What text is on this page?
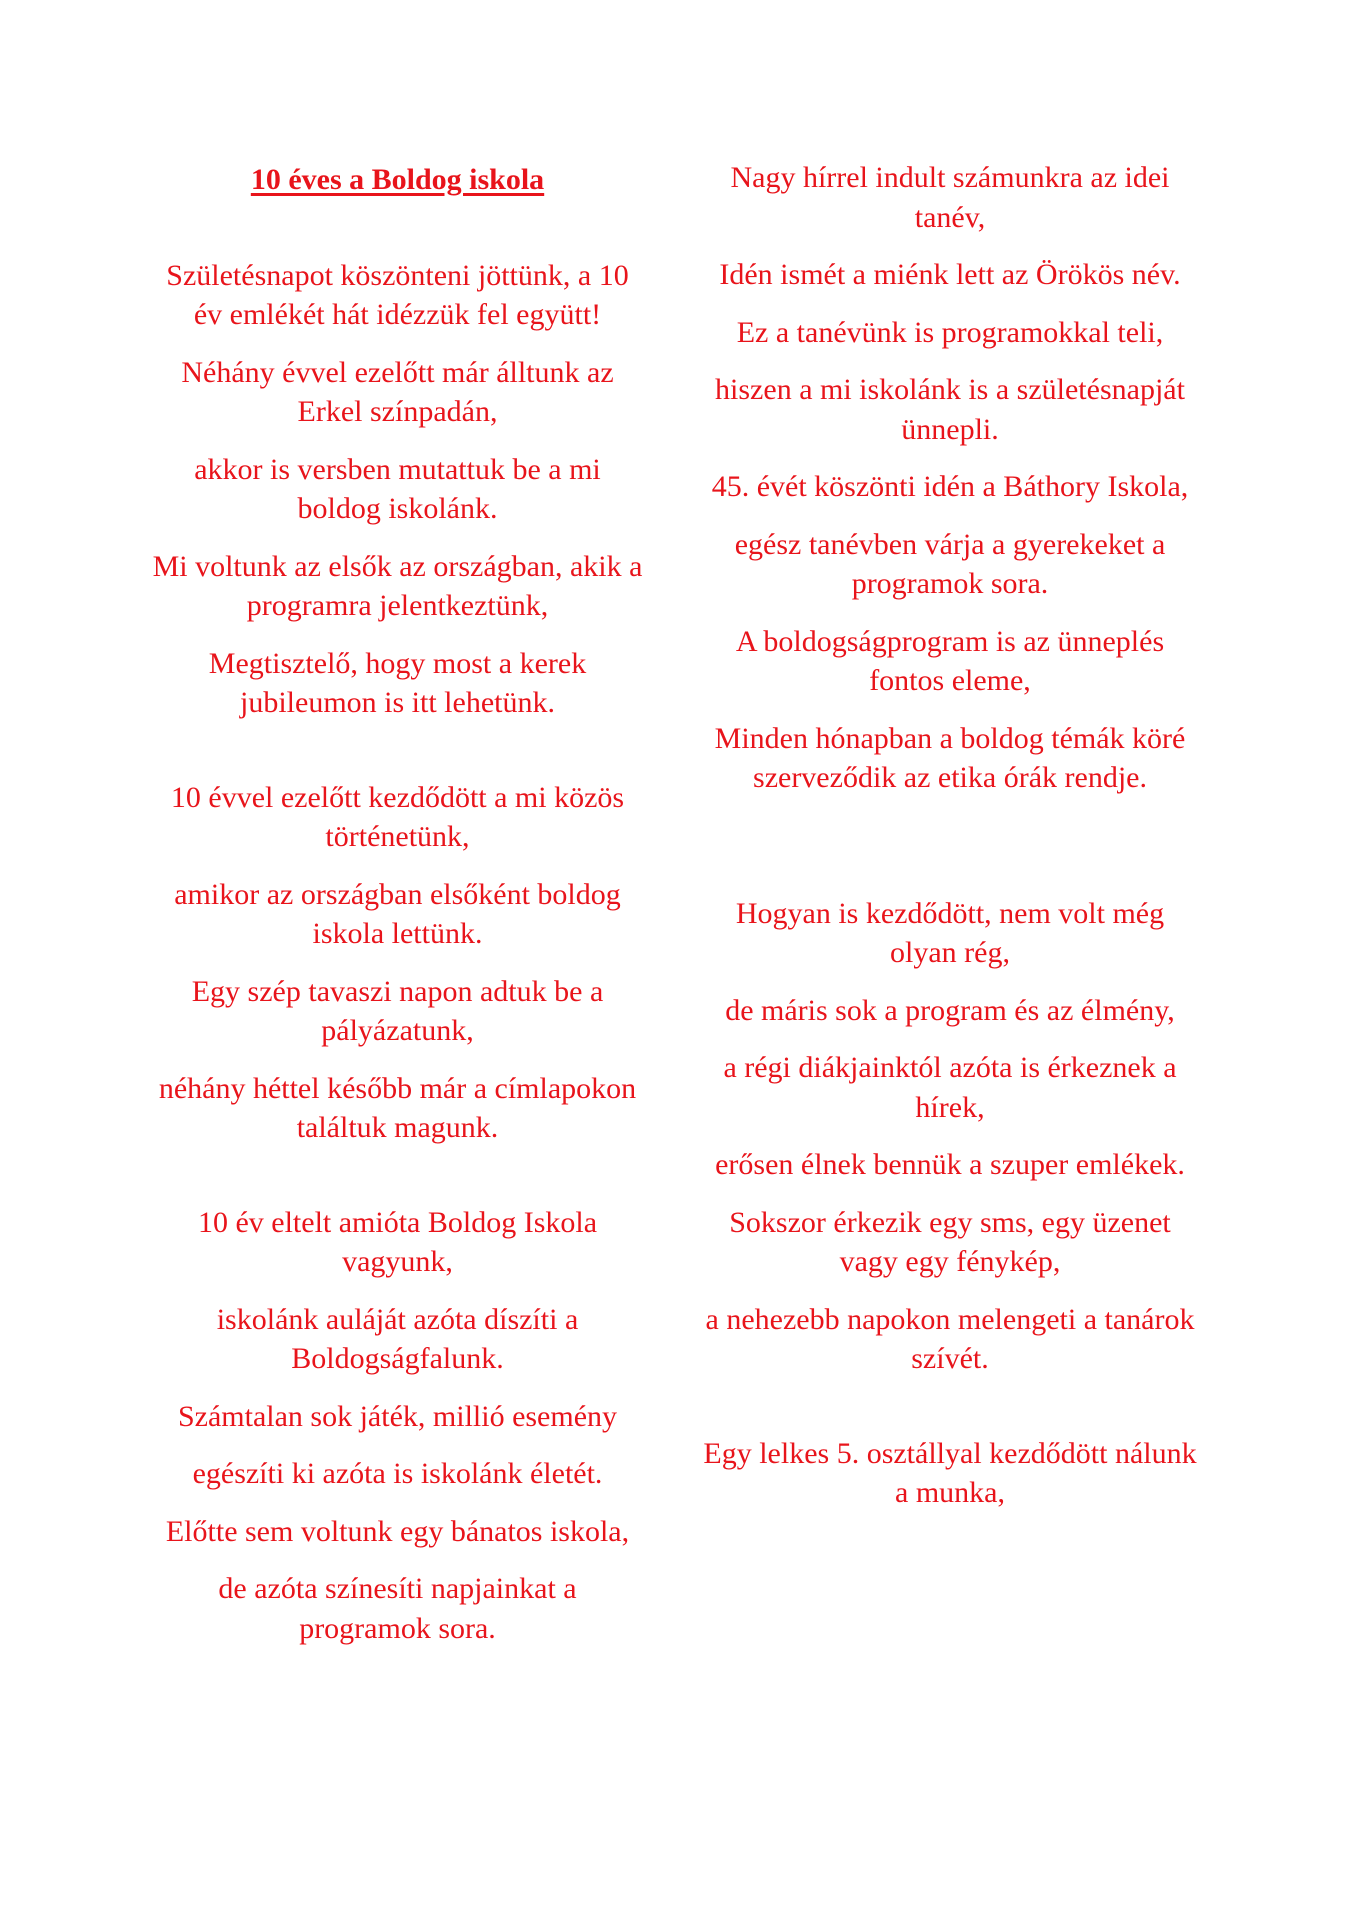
10 éves a Boldog iskola

Születésnapot köszönteni jöttünk, a 10 év emlékét hát idézzük fel együtt!

Néhány évvel ezelőtt már álltunk az Erkel színpadán,

akkor is versben mutattuk be a mi boldog iskolánk.

Mi voltunk az elsők az országban, akik a programra jelentkeztünk,

Megtisztelő, hogy most a kerek jubileumon is itt lehetünk.

10 évvel ezelőtt kezdődött a mi közös történetünk,

amikor az országban elsőként boldog iskola lettünk.

Egy szép tavaszi napon adtuk be a pályázatunk,

néhány héttel később már a címlapokon találtuk magunk.

10 év eltelt amióta Boldog Iskola vagyunk,

iskolánk auláját azóta díszíti a Boldogságfalunk.

Számtalan sok játék, millió esemény

egészíti ki azóta is iskolánk életét.

Előtte sem voltunk egy bánatos iskola,

de azóta színesíti napjainkat a programok sora.

Nagy hírrel indult számunkra az idei tanév,

Idén ismét a miénk lett az Örökös név.

Ez a tanévünk is programokkal teli,

hiszen a mi iskolánk is a születésnapját ünnepli.

45. évét köszönti idén a Báthory Iskola,

egész tanévben várja a gyerekeket a programok sora.

A boldogságprogram is az ünneplés fontos eleme,

Minden hónapban a boldog témák köré szerveződik az etika órák rendje.

Hogyan is kezdődött, nem volt még olyan rég,

de máris sok a program és az élmény,

a régi diákjainktól azóta is érkeznek a hírek,

erősen élnek bennük a szuper emlékek.

Sokszor érkezik egy sms, egy üzenet vagy egy fénykép,

a nehezebb napokon melengeti a tanárok szívét.

Egy lelkes 5. osztállyal kezdődött nálunk a munka,
